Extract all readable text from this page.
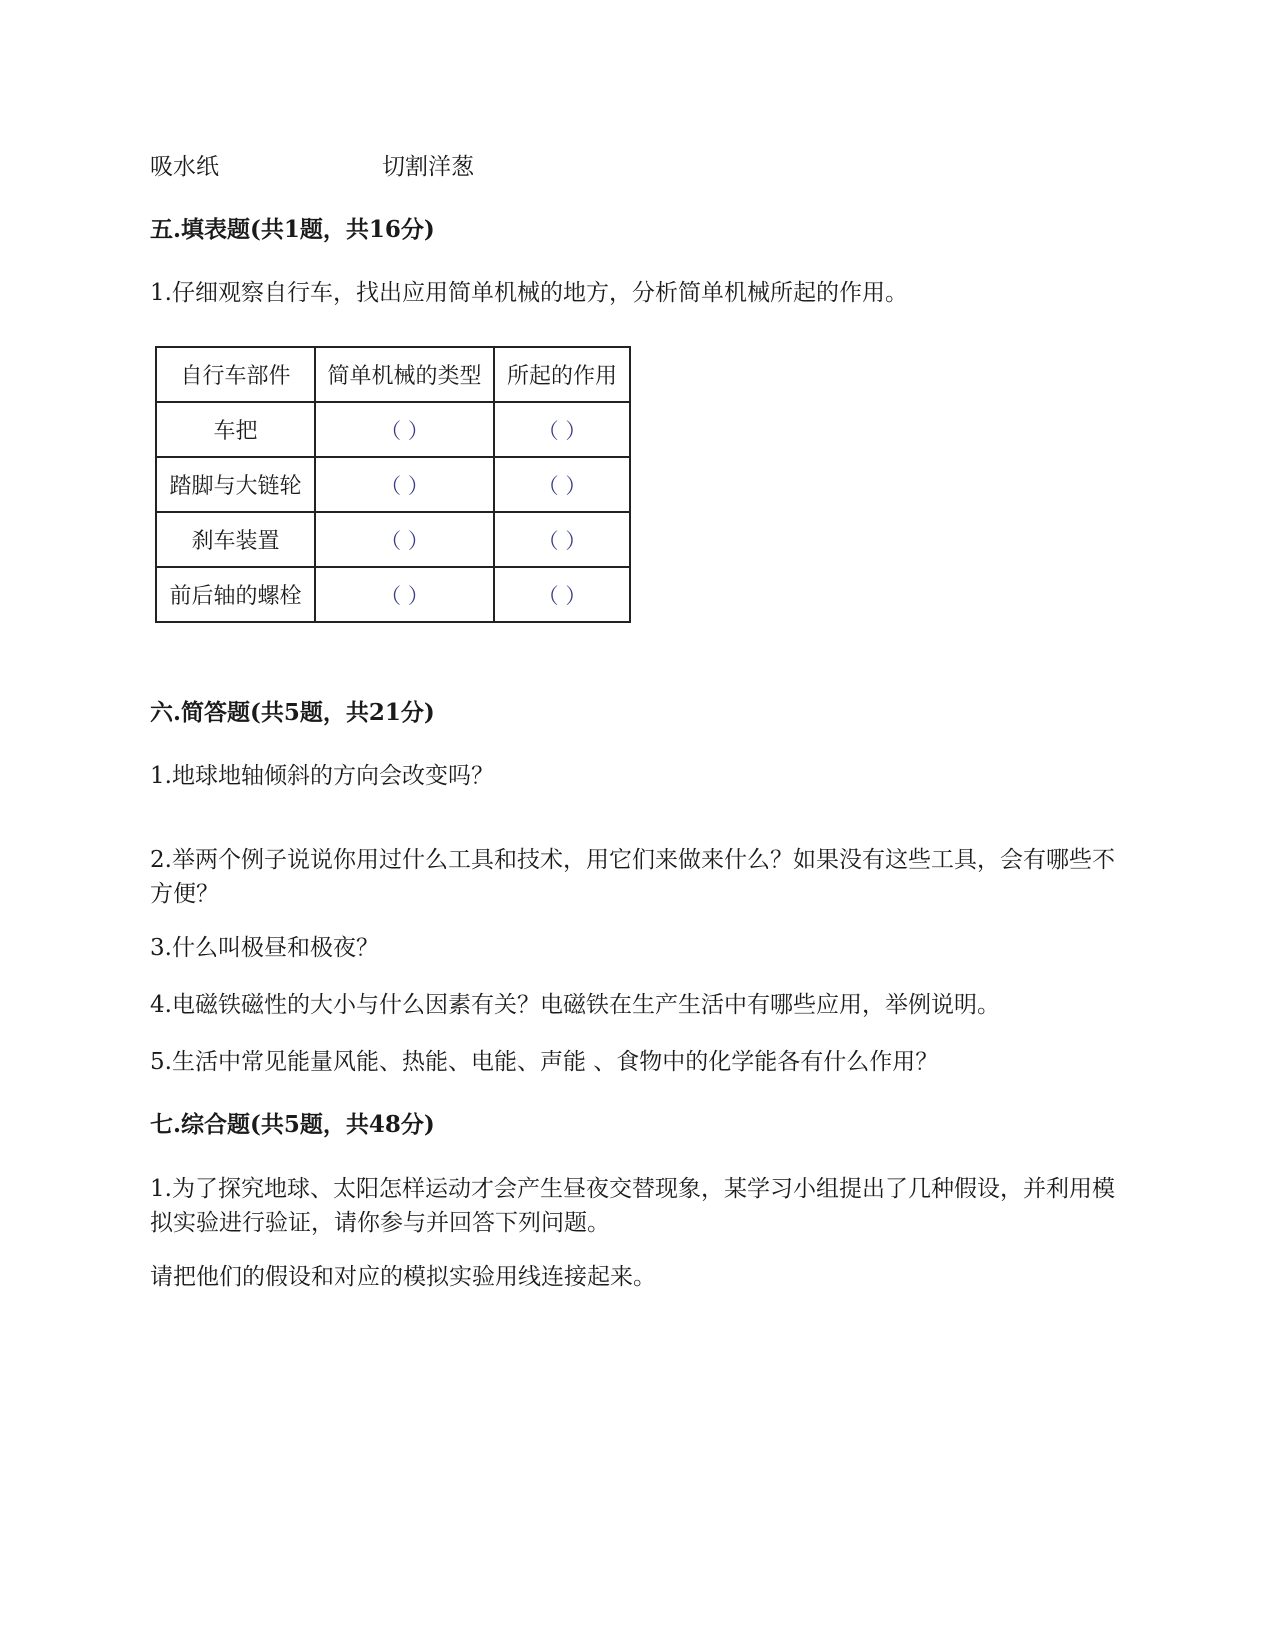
吸水纸	切割洋葱
五.填表题(共1题，共16分)
1.仔细观察自行车，找出应用简单机械的地方，分析简单机械所起的作用。
自行车部件	简单机械的类型	所起的作用
车把	（ ）	（ ）
踏脚与大链轮	（ ）	（ ）
刹车装置	（ ）	（ ）
前后轴的螺栓	（ ）	（ ）
六.简答题(共5题，共21分)
1.地球地轴倾斜的方向会改变吗？
2.举两个例子说说你用过什么工具和技术，用它们来做来什么？如果没有这些工具，会有哪些不方便？
3.什么叫极昼和极夜？
4.电磁铁磁性的大小与什么因素有关？电磁铁在生产生活中有哪些应用，举例说明。
5.生活中常见能量风能、热能、电能、声能 、食物中的化学能各有什么作用？
七.综合题(共5题，共48分)
1.为了探究地球、太阳怎样运动才会产生昼夜交替现象，某学习小组提出了几种假设，并利用模拟实验进行验证，请你参与并回答下列问题。
请把他们的假设和对应的模拟实验用线连接起来。
